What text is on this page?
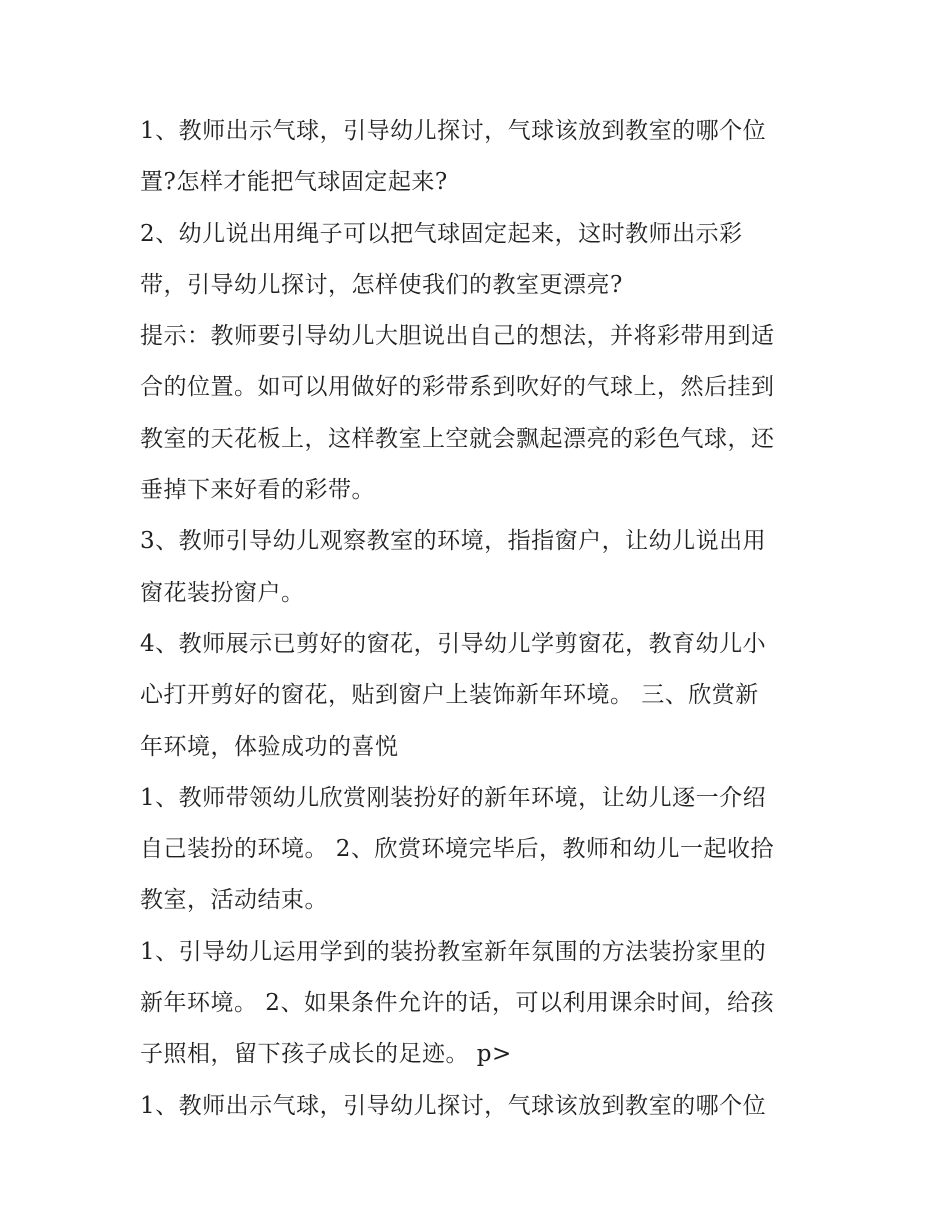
1、教师出示气球，引导幼儿探讨，气球该放到教室的哪个位
置?怎样才能把气球固定起来?
2、幼儿说出用绳子可以把气球固定起来，这时教师出示彩
带，引导幼儿探讨，怎样使我们的教室更漂亮?
提示：教师要引导幼儿大胆说出自己的想法，并将彩带用到适
合的位置。如可以用做好的彩带系到吹好的气球上，然后挂到
教室的天花板上，这样教室上空就会飘起漂亮的彩色气球，还
垂掉下来好看的彩带。
3、教师引导幼儿观察教室的环境，指指窗户，让幼儿说出用
窗花装扮窗户。
4、教师展示已剪好的窗花，引导幼儿学剪窗花，教育幼儿小
心打开剪好的窗花，贴到窗户上装饰新年环境。 三、欣赏新
年环境，体验成功的喜悦
1、教师带领幼儿欣赏刚装扮好的新年环境，让幼儿逐一介绍
自己装扮的环境。 2、欣赏环境完毕后，教师和幼儿一起收拾
教室，活动结束。
1、引导幼儿运用学到的装扮教室新年氛围的方法装扮家里的
新年环境。 2、如果条件允许的话，可以利用课余时间，给孩
子照相，留下孩子成长的足迹。 p>
1、教师出示气球，引导幼儿探讨，气球该放到教室的哪个位
